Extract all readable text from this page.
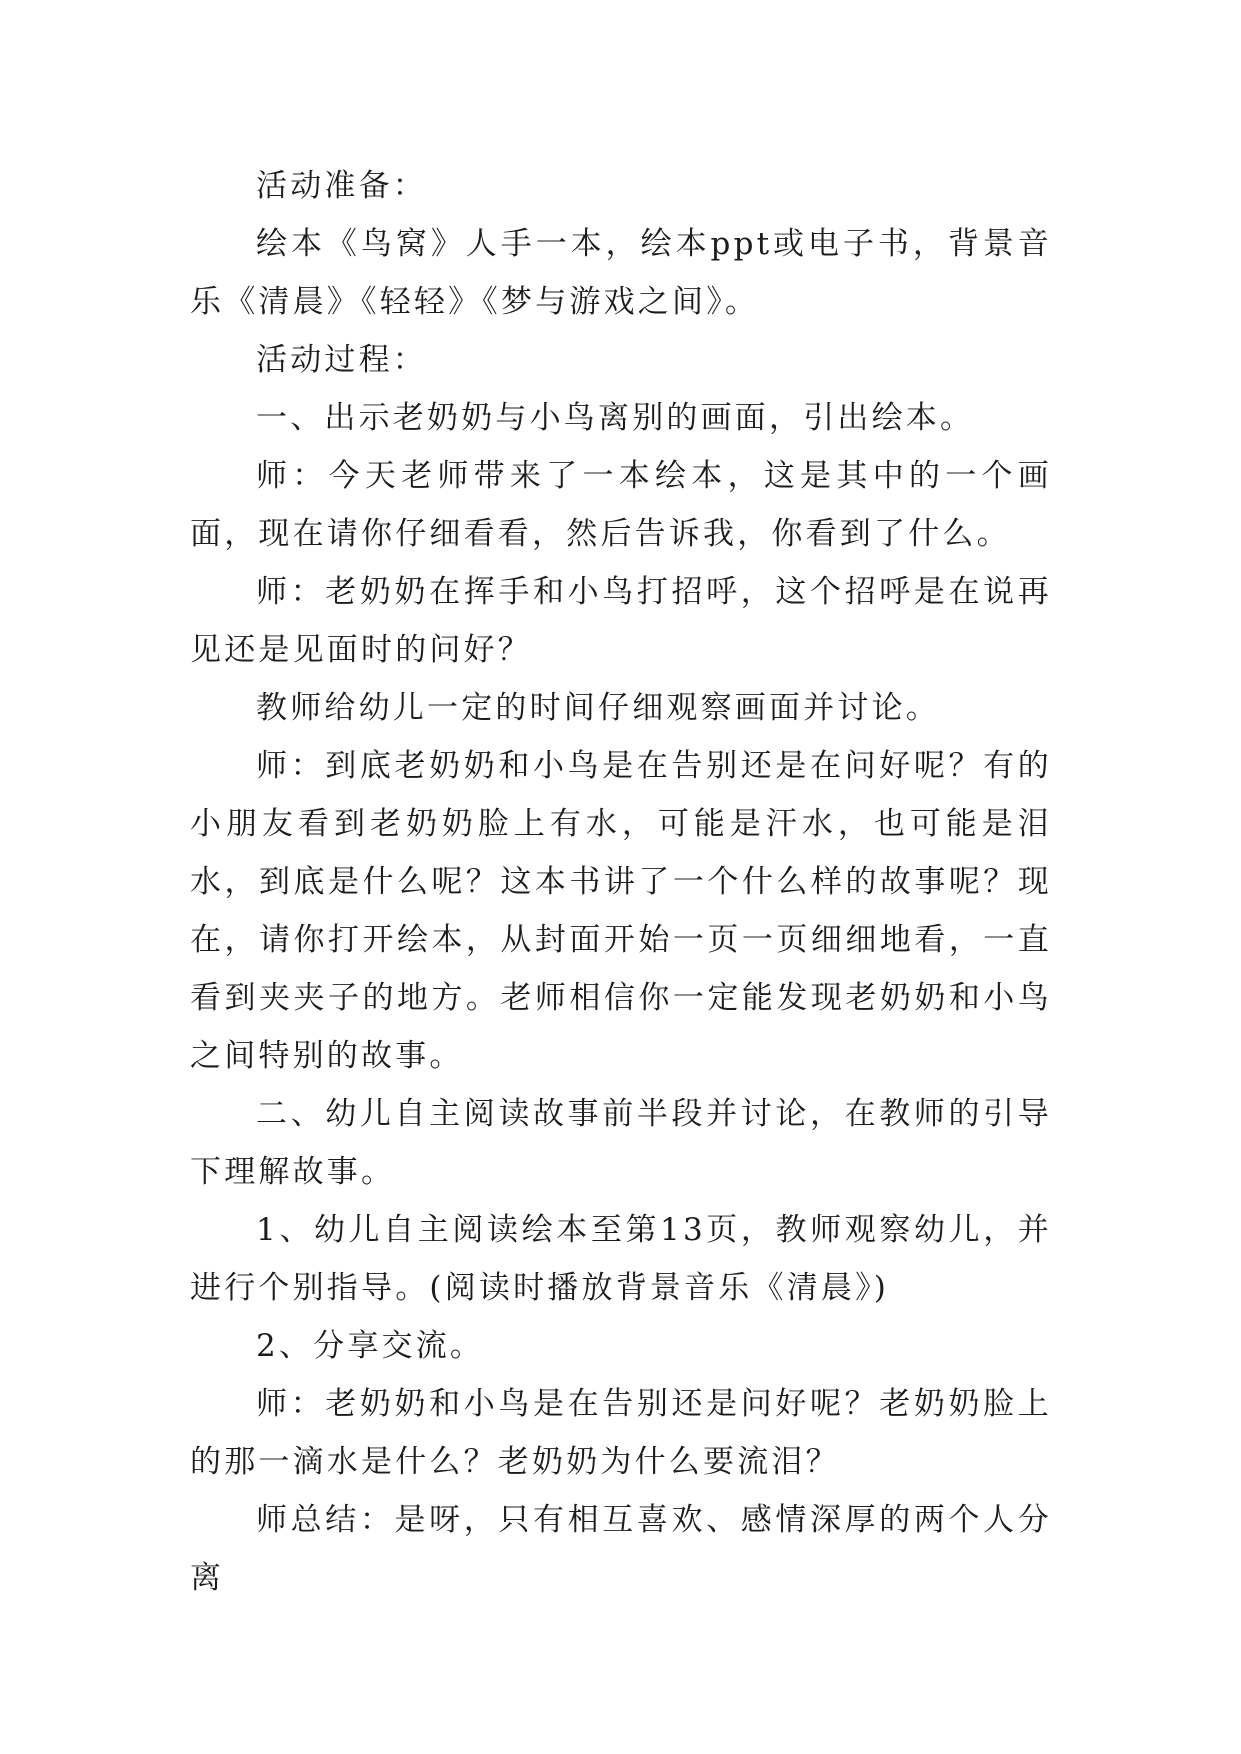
活动准备：

绘本《鸟窝》人手一本，绘本ppt或电子书，背景音乐《清晨》《轻轻》《梦与游戏之间》。

活动过程：

一、出示老奶奶与小鸟离别的画面，引出绘本。

师：今天老师带来了一本绘本，这是其中的一个画面，现在请你仔细看看，然后告诉我，你看到了什么。

师：老奶奶在挥手和小鸟打招呼，这个招呼是在说再见还是见面时的问好？

教师给幼儿一定的时间仔细观察画面并讨论。

师：到底老奶奶和小鸟是在告别还是在问好呢？有的小朋友看到老奶奶脸上有水，可能是汗水，也可能是泪水，到底是什么呢？这本书讲了一个什么样的故事呢？现在，请你打开绘本，从封面开始一页一页细细地看，一直看到夹夹子的地方。老师相信你一定能发现老奶奶和小鸟之间特别的故事。

二、幼儿自主阅读故事前半段并讨论，在教师的引导下理解故事。

1、幼儿自主阅读绘本至第13页，教师观察幼儿，并进行个别指导。(阅读时播放背景音乐《清晨》)

2、分享交流。

师：老奶奶和小鸟是在告别还是问好呢？老奶奶脸上的那一滴水是什么？老奶奶为什么要流泪？

师总结：是呀，只有相互喜欢、感情深厚的两个人分离
